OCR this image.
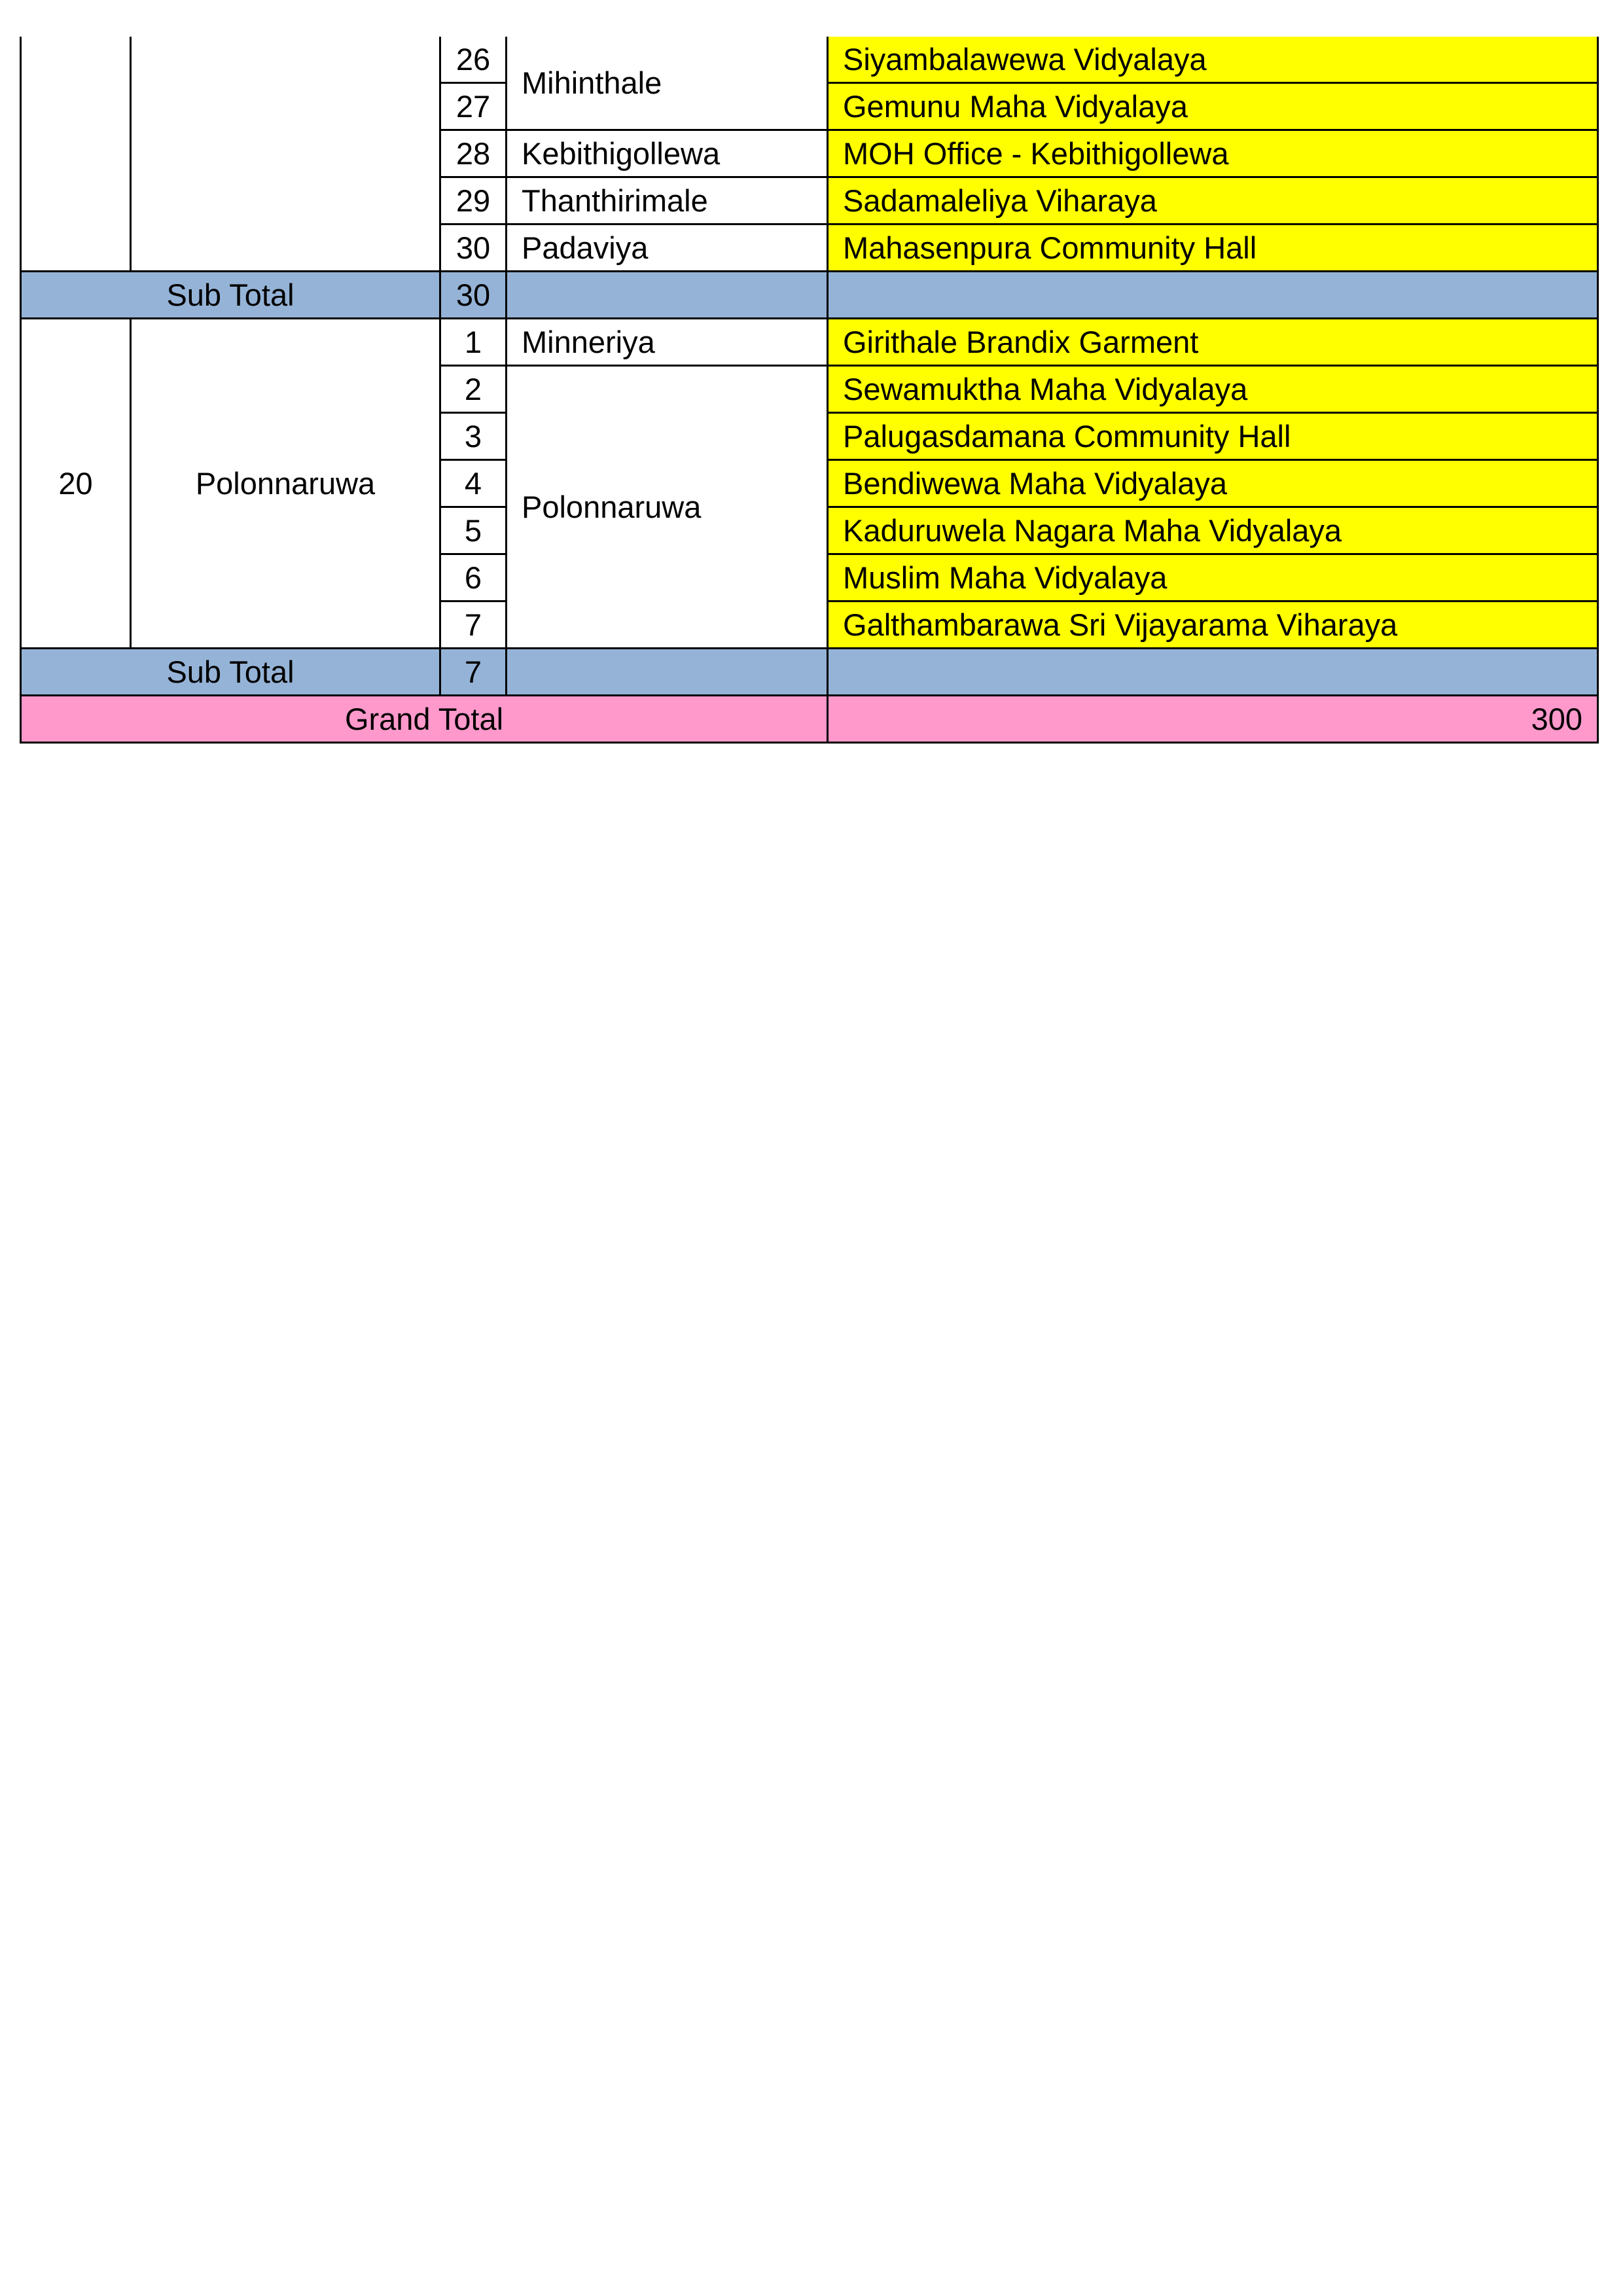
		26	Mihinthale	Siyambalawewa Vidyalaya
		27		Gemunu Maha Vidyalaya
		28	Kebithigollewa	MOH Office - Kebithigollewa
		29	Thanthirimale	Sadamaleliya Viharaya
		30	Padaviya	Mahasenpura Community Hall
Sub Total		30		
20	Polonnaruwa	1	Minneriya	Girithale Brandix Garment
		2	Polonnaruwa	Sewamuktha Maha Vidyalaya
		3		Palugasdamana Community Hall
		4		Bendiwewa Maha Vidyalaya
		5		Kaduruwela Nagara Maha Vidyalaya
		6		Muslim Maha Vidyalaya
		7		Galthambarawa Sri Vijayarama Viharaya
Sub Total		7		
Grand Total				300
